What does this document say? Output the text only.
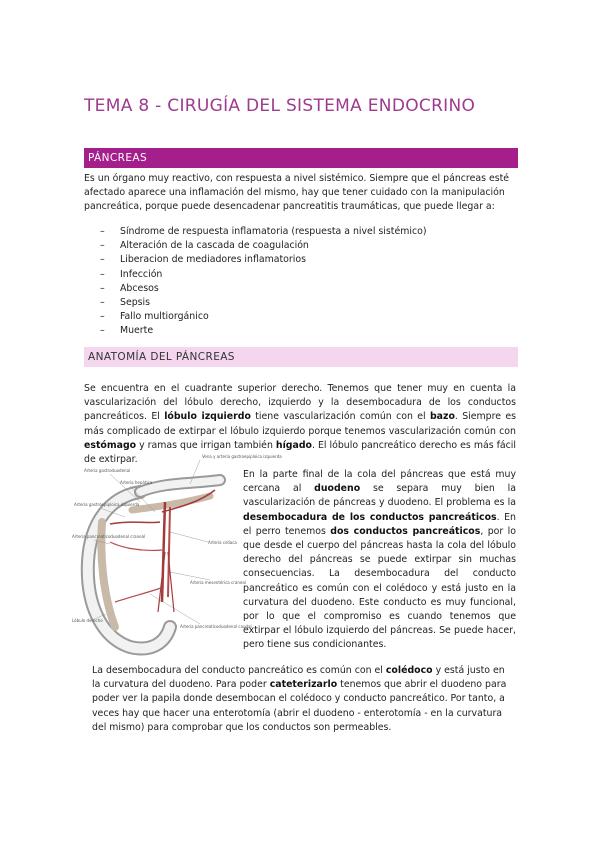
TEMA 8 - CIRUGÍA DEL SISTEMA ENDOCRINO
PÁNCREAS

Es un órgano muy reactivo, con respuesta a nivel sistémico. Siempre que el páncreas esté afectado aparece una inflamación del mismo, hay que tener cuidado con la manipulación pancreática, porque puede desencadenar pancreatitis traumáticas, que puede llegar a:

– Síndrome de respuesta inflamatoria (respuesta a nivel sistémico)
– Alteración de la cascada de coagulación
– Liberacion de mediadores inflamatorios
– Infección
– Abcesos
– Sepsis
– Fallo multiorgánico
– Muerte
ANATOMÍA DEL PÁNCREAS

Se encuentra en el cuadrante superior derecho. Tenemos que tener muy en cuenta la vascularización del lóbulo derecho, izquierdo y la desembocadura de los conductos pancreáticos. El lóbulo izquierdo tiene vascularización común con el bazo. Siempre es más complicado de extirpar el lóbulo izquierdo porque tenemos vascularización común con estómago y ramas que irrigan también hígado. El lóbulo pancreático derecho es más fácil de extirpar.	Vena y arteria gastroepiploica izquierda
Arteria gastroduodenal
Arteria hepática
Arteria gastroepiploica izquierda
Arteria pancreaticoduodenal craneal
Arteria celíaca
Arteria mesentérica craneal
Lóbulo derecho
Arteria pancreaticoduodenal caudal

En la parte final de la cola del páncreas que está muy cercana al duodeno se separa muy bien la vascularización de páncreas y duodeno. El problema es la desembocadura de los conductos pancreáticos. En el perro tenemos dos conductos pancreáticos, por lo que desde el cuerpo del páncreas hasta la cola del lóbulo derecho del páncreas se puede extirpar sin muchas consecuencias. La desembocadura del conducto pancreático es común con el colédoco y está justo en la curvatura del duodeno. Este conducto es muy funcional, por lo que el compromiso es cuando tenemos que extirpar el lóbulo izquierdo del páncreas. Se puede hacer, pero tiene sus condicionantes.

La desembocadura del conducto pancreático es común con el colédoco y está justo en la curvatura del duodeno. Para poder cateterizarlo tenemos que abrir el duodeno para poder ver la papila donde desembocan el colédoco y conducto pancreático. Por tanto, a veces hay que hacer una enterotomía (abrir el duodeno - enterotomía - en la curvatura del mismo) para comprobar que los conductos son permeables.
